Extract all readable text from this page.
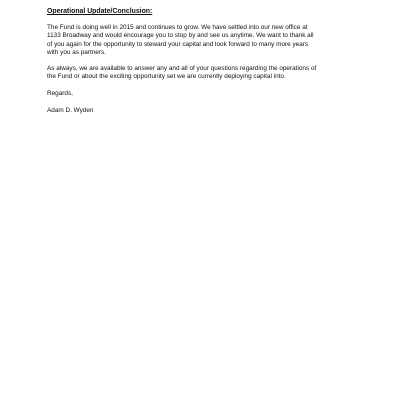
Operational Update/Conclusion:

The Fund is doing well in 2015 and continues to grow. We have settled into our new office at
1133 Broadway and would encourage you to stop by and see us anytime. We want to thank all
of you again for the opportunity to steward your capital and look forward to many more years
with you as partners.

As always, we are available to answer any and all of your questions regarding the operations of
the Fund or about the exciting opportunity set we are currently deploying capital into.

Regards,

Adam D. Wyden
